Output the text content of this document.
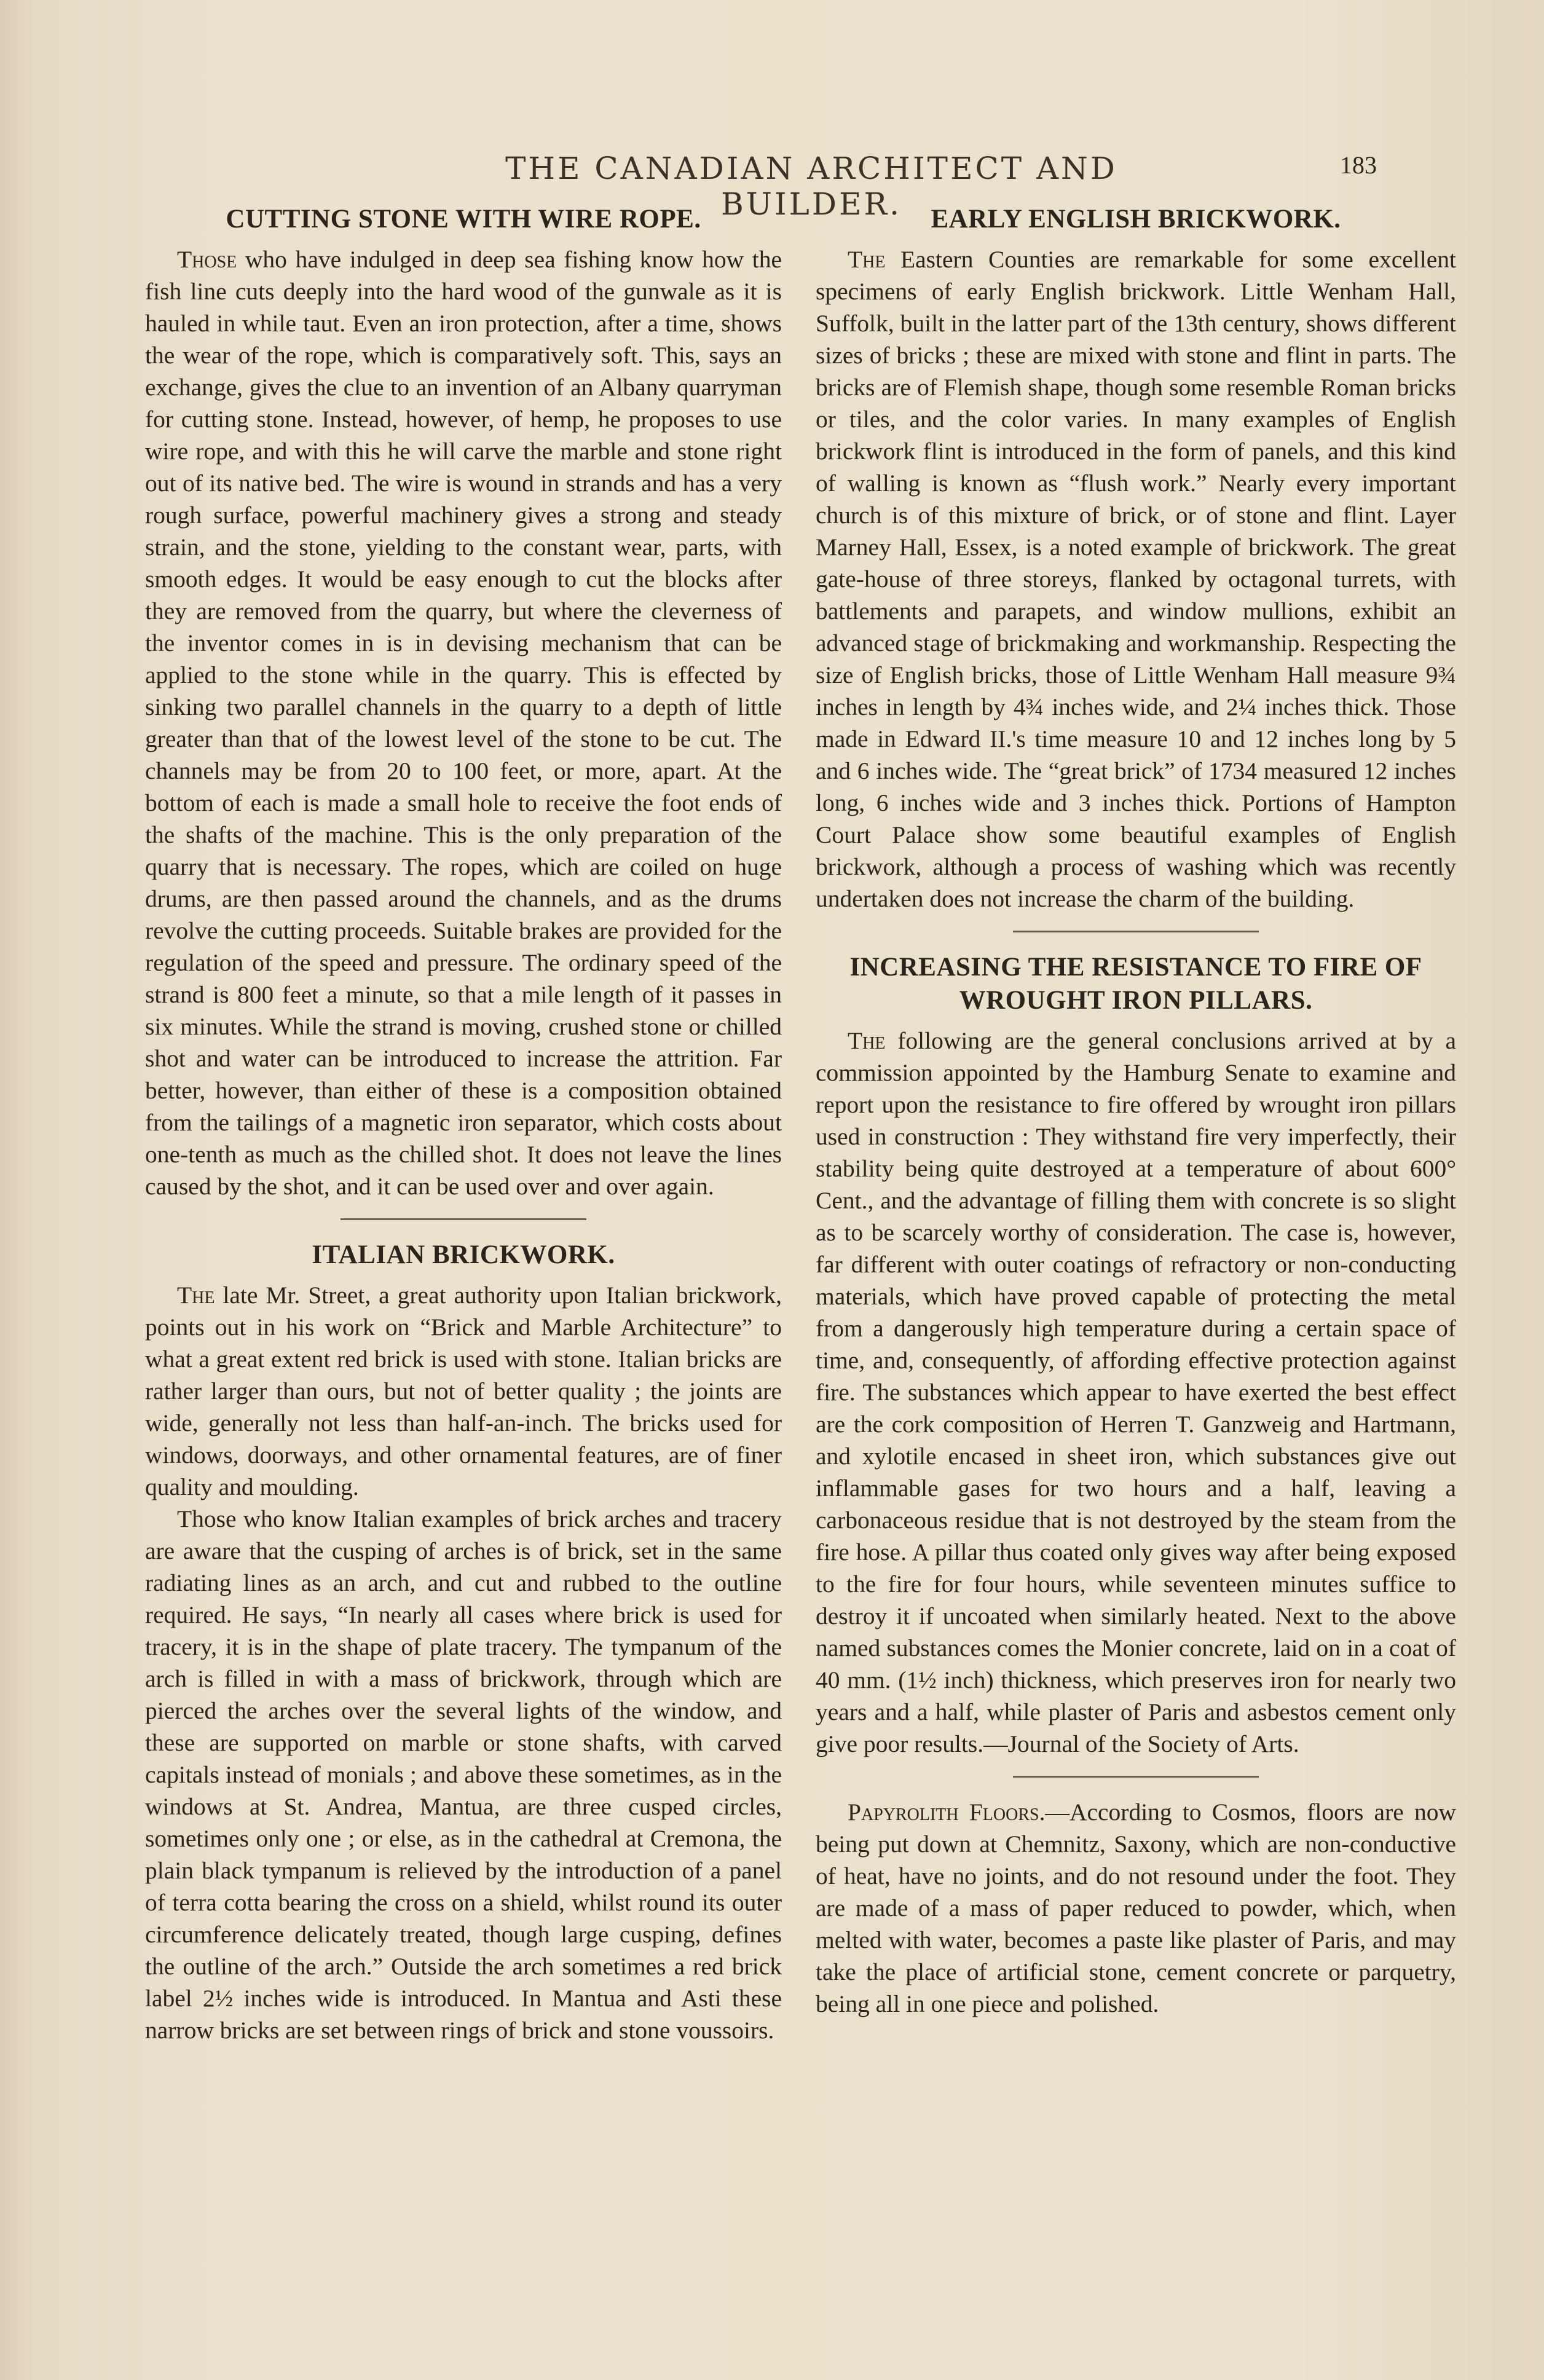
THE CANADIAN ARCHITECT AND BUILDER.
183
CUTTING STONE WITH WIRE ROPE.

Those who have indulged in deep sea fishing know how the fish line cuts deeply into the hard wood of the gunwale as it is hauled in while taut. Even an iron protection, after a time, shows the wear of the rope, which is comparatively soft. This, says an exchange, gives the clue to an invention of an Albany quarryman for cutting stone. Instead, however, of hemp, he proposes to use wire rope, and with this he will carve the marble and stone right out of its native bed. The wire is wound in strands and has a very rough surface, powerful machinery gives a strong and steady strain, and the stone, yielding to the constant wear, parts, with smooth edges. It would be easy enough to cut the blocks after they are removed from the quarry, but where the cleverness of the inventor comes in is in devising mechanism that can be applied to the stone while in the quarry. This is effected by sinking two parallel channels in the quarry to a depth of little greater than that of the lowest level of the stone to be cut. The channels may be from 20 to 100 feet, or more, apart. At the bottom of each is made a small hole to receive the foot ends of the shafts of the machine. This is the only preparation of the quarry that is necessary. The ropes, which are coiled on huge drums, are then passed around the channels, and as the drums revolve the cutting proceeds. Suitable brakes are provided for the regulation of the speed and pressure. The ordinary speed of the strand is 800 feet a minute, so that a mile length of it passes in six minutes. While the strand is moving, crushed stone or chilled shot and water can be introduced to increase the attrition. Far better, however, than either of these is a composition obtained from the tailings of a magnetic iron separator, which costs about one-tenth as much as the chilled shot. It does not leave the lines caused by the shot, and it can be used over and over again.

ITALIAN BRICKWORK.

The late Mr. Street, a great authority upon Italian brickwork, points out in his work on “Brick and Marble Architecture” to what a great extent red brick is used with stone. Italian bricks are rather larger than ours, but not of better quality ; the joints are wide, generally not less than half-an-inch. The bricks used for windows, doorways, and other ornamental features, are of finer quality and moulding.

Those who know Italian examples of brick arches and tracery are aware that the cusping of arches is of brick, set in the same radiating lines as an arch, and cut and rubbed to the outline required. He says, “In nearly all cases where brick is used for tracery, it is in the shape of plate tracery. The tympanum of the arch is filled in with a mass of brickwork, through which are pierced the arches over the several lights of the window, and these are supported on marble or stone shafts, with carved capitals instead of monials ; and above these sometimes, as in the windows at St. Andrea, Mantua, are three cusped circles, sometimes only one ; or else, as in the cathedral at Cremona, the plain black tympanum is relieved by the introduction of a panel of terra cotta bearing the cross on a shield, whilst round its outer circumference delicately treated, though large cusping, defines the outline of the arch.” Outside the arch sometimes a red brick label 2½ inches wide is introduced. In Mantua and Asti these narrow bricks are set between rings of brick and stone voussoirs.

EARLY ENGLISH BRICKWORK.

The Eastern Counties are remarkable for some excellent specimens of early English brickwork. Little Wenham Hall, Suffolk, built in the latter part of the 13th century, shows different sizes of bricks ; these are mixed with stone and flint in parts. The bricks are of Flemish shape, though some resemble Roman bricks or tiles, and the color varies. In many examples of English brickwork flint is introduced in the form of panels, and this kind of walling is known as “flush work.” Nearly every important church is of this mixture of brick, or of stone and flint. Layer Marney Hall, Essex, is a noted example of brickwork. The great gate-house of three storeys, flanked by octagonal turrets, with battlements and parapets, and window mullions, exhibit an advanced stage of brickmaking and workmanship. Respecting the size of English bricks, those of Little Wenham Hall measure 9¾ inches in length by 4¾ inches wide, and 2¼ inches thick. Those made in Edward II.'s time measure 10 and 12 inches long by 5 and 6 inches wide. The “great brick” of 1734 measured 12 inches long, 6 inches wide and 3 inches thick. Portions of Hampton Court Palace show some beautiful examples of English brickwork, although a process of washing which was recently undertaken does not increase the charm of the building.

INCREASING THE RESISTANCE TO FIRE OF WROUGHT IRON PILLARS.

The following are the general conclusions arrived at by a commission appointed by the Hamburg Senate to examine and report upon the resistance to fire offered by wrought iron pillars used in construction : They withstand fire very imperfectly, their stability being quite destroyed at a temperature of about 600° Cent., and the advantage of filling them with concrete is so slight as to be scarcely worthy of consideration. The case is, however, far different with outer coatings of refractory or non-conducting materials, which have proved capable of protecting the metal from a dangerously high temperature during a certain space of time, and, consequently, of affording effective protection against fire. The substances which appear to have exerted the best effect are the cork composition of Herren T. Ganzweig and Hartmann, and xylotile encased in sheet iron, which substances give out inflammable gases for two hours and a half, leaving a carbonaceous residue that is not destroyed by the steam from the fire hose. A pillar thus coated only gives way after being exposed to the fire for four hours, while seventeen minutes suffice to destroy it if uncoated when similarly heated. Next to the above named substances comes the Monier concrete, laid on in a coat of 40 mm. (1½ inch) thickness, which preserves iron for nearly two years and a half, while plaster of Paris and asbestos cement only give poor results.—Journal of the Society of Arts.

Papyrolith Floors.—According to Cosmos, floors are now being put down at Chemnitz, Saxony, which are non-conductive of heat, have no joints, and do not resound under the foot. They are made of a mass of paper reduced to powder, which, when melted with water, becomes a paste like plaster of Paris, and may take the place of artificial stone, cement concrete or parquetry, being all in one piece and polished.
